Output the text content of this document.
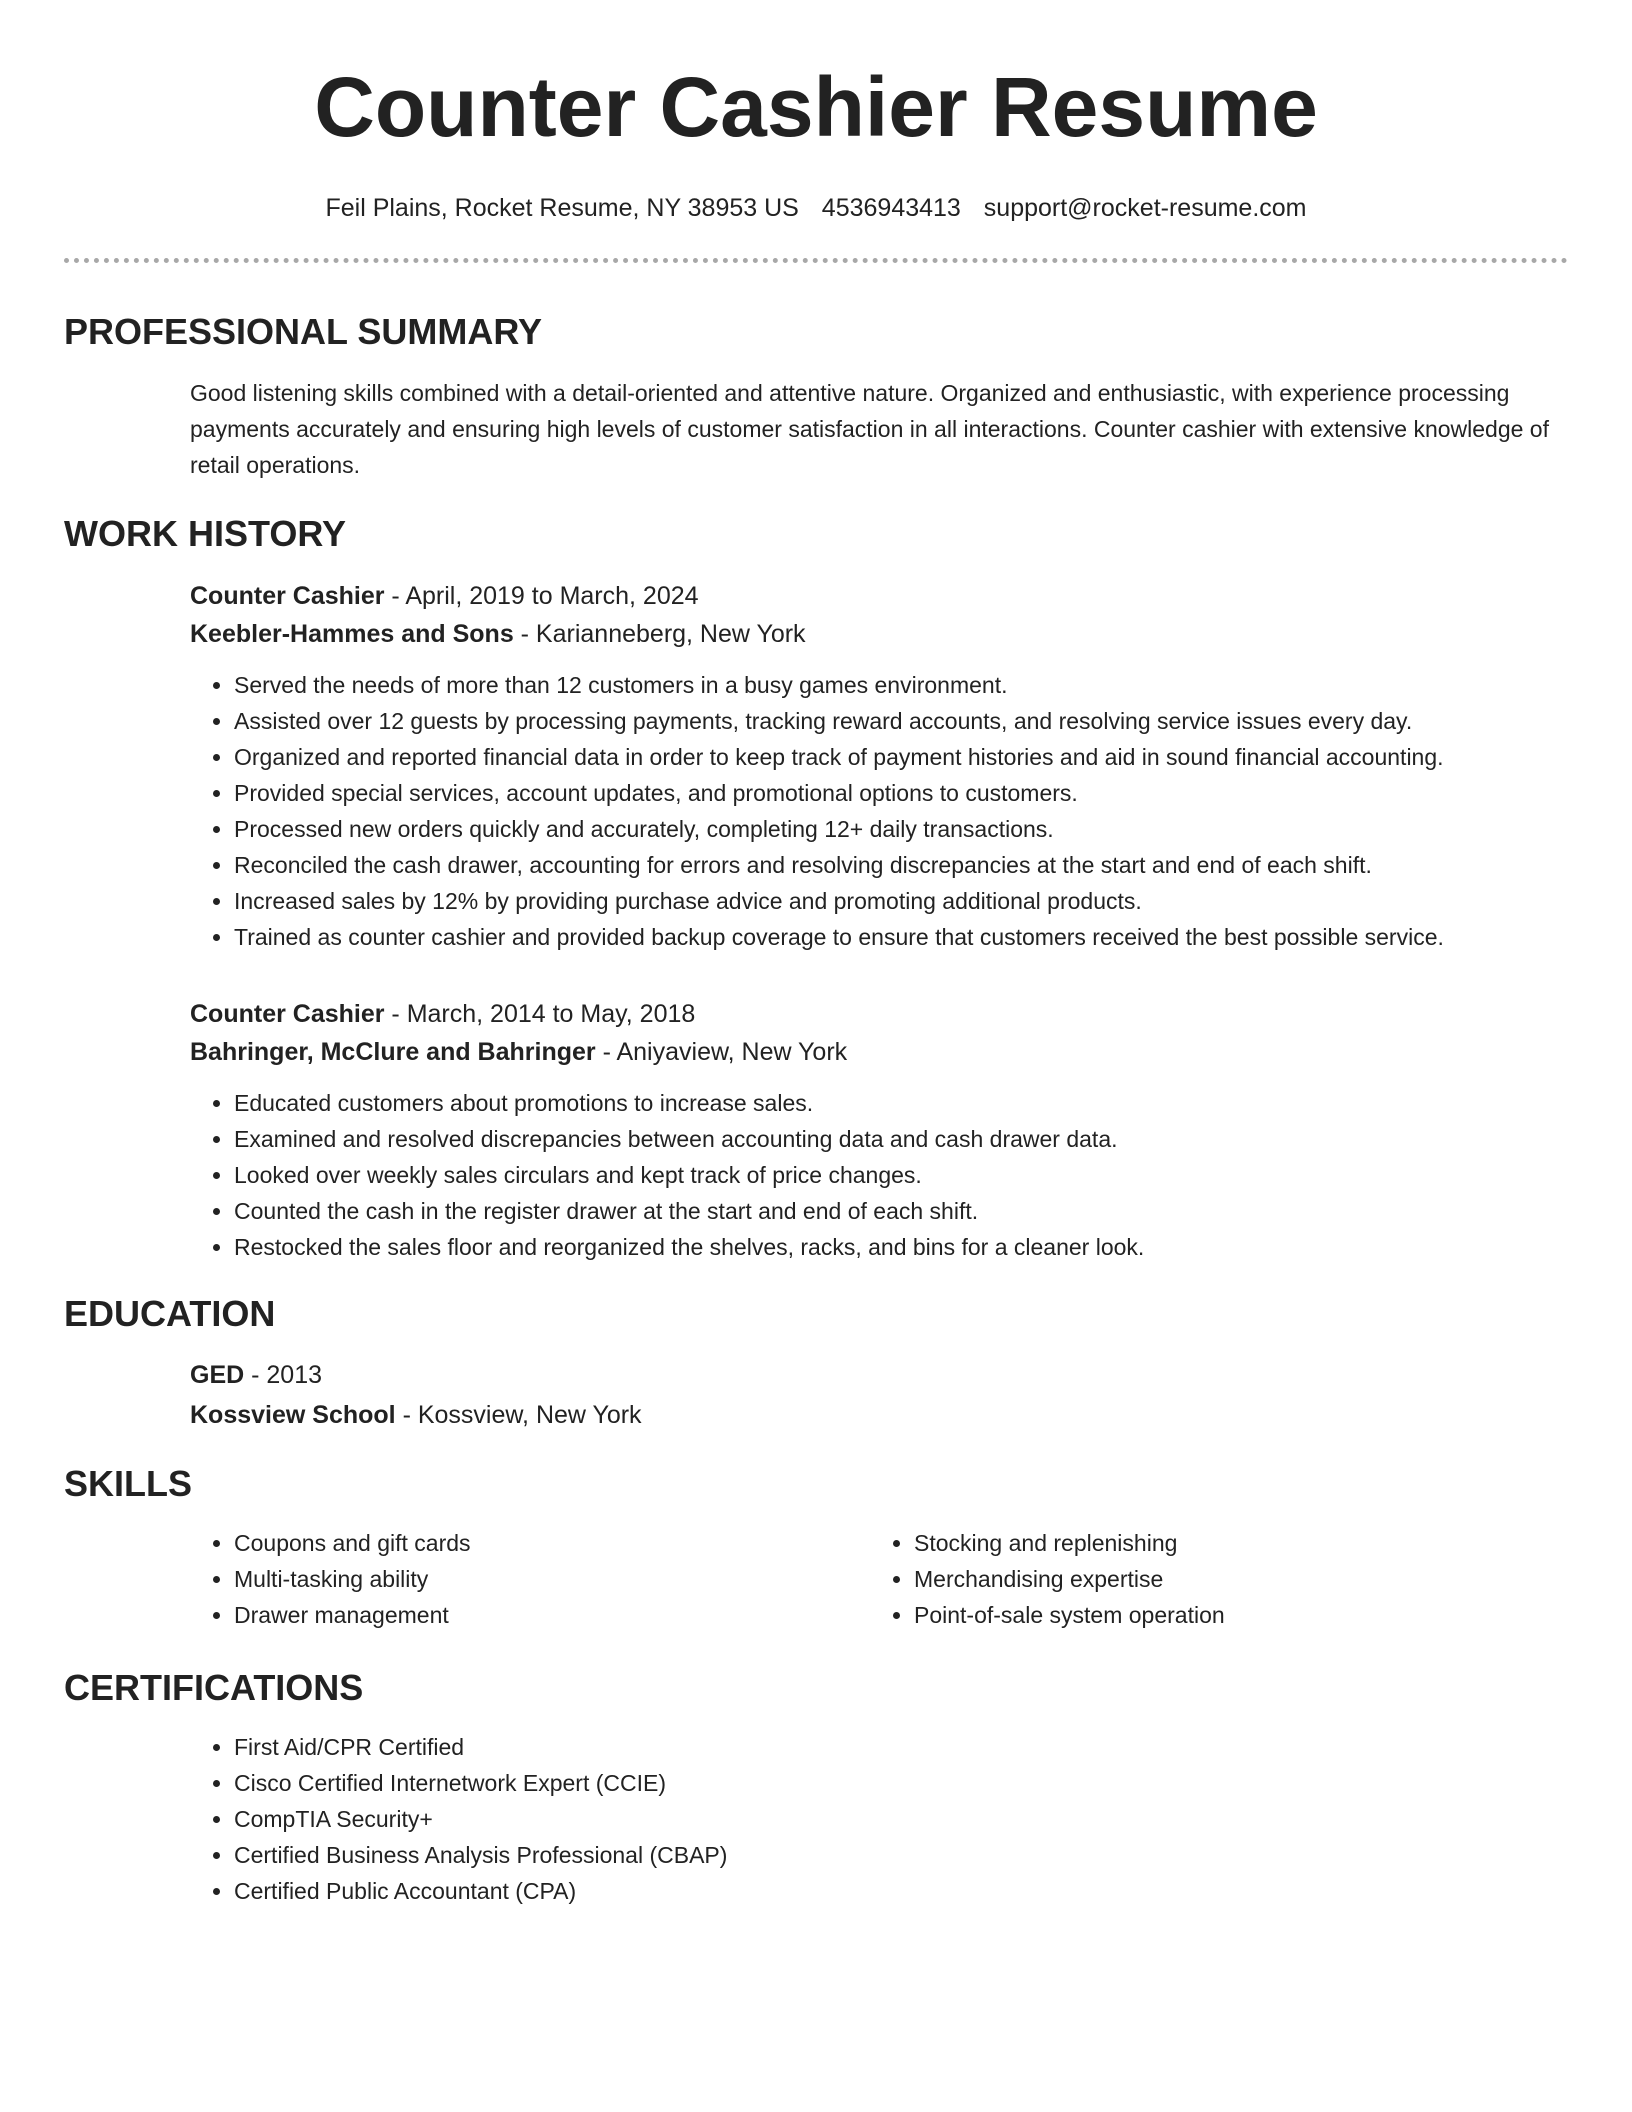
Counter Cashier Resume
Feil Plains, Rocket Resume, NY 38953 US 4536943413 support@rocket-resume.com
PROFESSIONAL SUMMARY

Good listening skills combined with a detail-oriented and attentive nature. Organized and enthusiastic, with experience processing payments accurately and ensuring high levels of customer satisfaction in all interactions. Counter cashier with extensive knowledge of retail operations.

WORK HISTORY
Counter Cashier - April, 2019 to March, 2024
Keebler-Hammes and Sons - Karianneberg, New York
• Served the needs of more than 12 customers in a busy games environment.
• Assisted over 12 guests by processing payments, tracking reward accounts, and resolving service issues every day.
• Organized and reported financial data in order to keep track of payment histories and aid in sound financial accounting.
• Provided special services, account updates, and promotional options to customers.
• Processed new orders quickly and accurately, completing 12+ daily transactions.
• Reconciled the cash drawer, accounting for errors and resolving discrepancies at the start and end of each shift.
• Increased sales by 12% by providing purchase advice and promoting additional products.
• Trained as counter cashier and provided backup coverage to ensure that customers received the best possible service.
Counter Cashier - March, 2014 to May, 2018
Bahringer, McClure and Bahringer - Aniyaview, New York
• Educated customers about promotions to increase sales.
• Examined and resolved discrepancies between accounting data and cash drawer data.
• Looked over weekly sales circulars and kept track of price changes.
• Counted the cash in the register drawer at the start and end of each shift.
• Restocked the sales floor and reorganized the shelves, racks, and bins for a cleaner look.
EDUCATION
GED - 2013
Kossview School - Kossview, New York
SKILLS
• Coupons and gift cards
• Multi-tasking ability
• Drawer management
• Stocking and replenishing
• Merchandising expertise
• Point-of-sale system operation
CERTIFICATIONS
• First Aid/CPR Certified
• Cisco Certified Internetwork Expert (CCIE)
• CompTIA Security+
• Certified Business Analysis Professional (CBAP)
• Certified Public Accountant (CPA)
